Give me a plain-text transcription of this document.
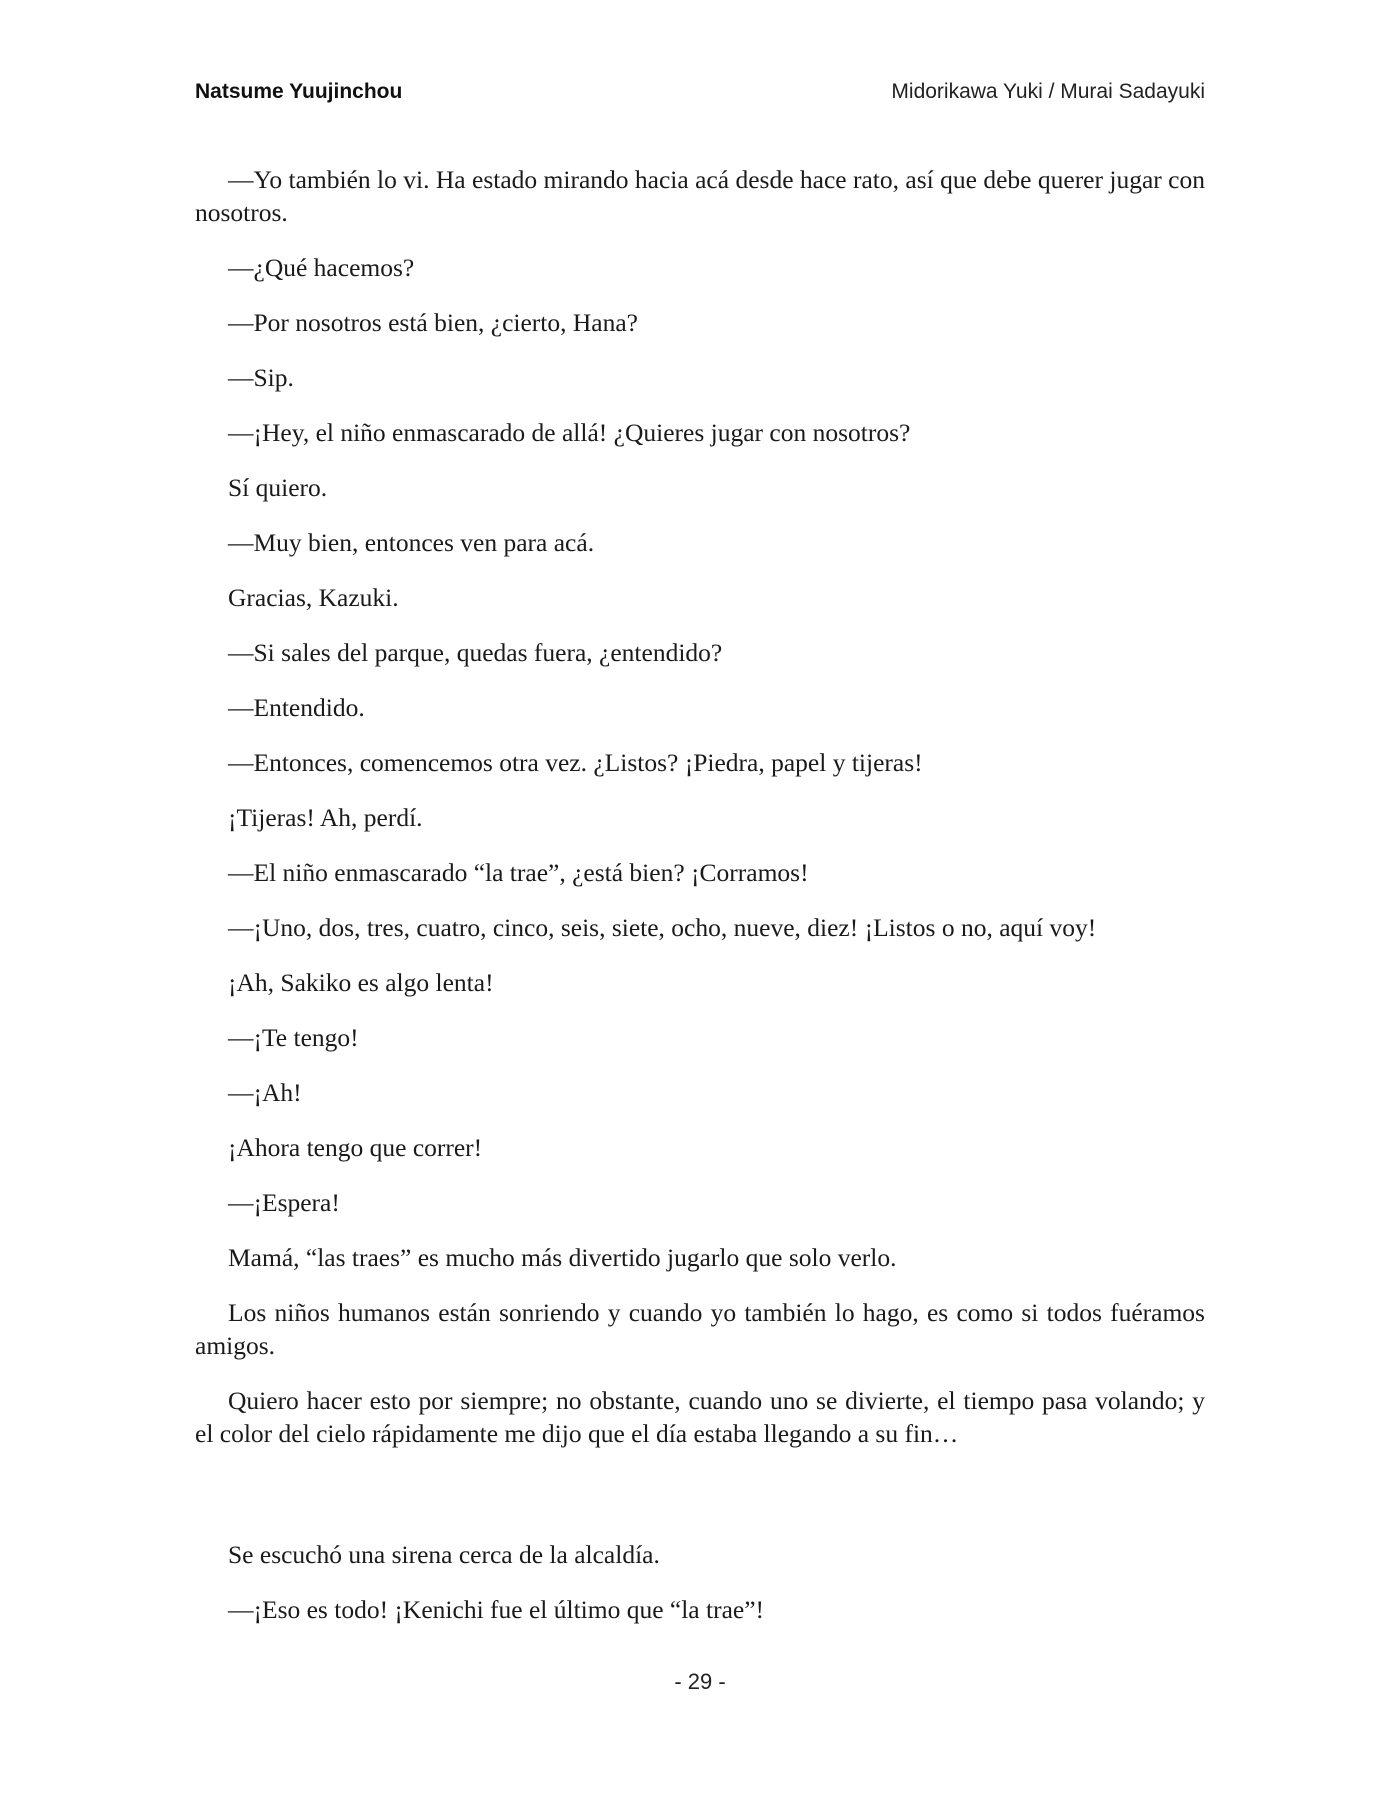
Natsume Yuujinchou	Midorikawa Yuki / Murai Sadayuki

—Yo también lo vi. Ha estado mirando hacia acá desde hace rato, así que debe querer jugar con nosotros.

—¿Qué hacemos?

—Por nosotros está bien, ¿cierto, Hana?

—Sip.

—¡Hey, el niño enmascarado de allá! ¿Quieres jugar con nosotros?

Sí quiero.

—Muy bien, entonces ven para acá.

Gracias, Kazuki.

—Si sales del parque, quedas fuera, ¿entendido?

—Entendido.

—Entonces, comencemos otra vez. ¿Listos? ¡Piedra, papel y tijeras!

¡Tijeras! Ah, perdí.

—El niño enmascarado “la trae”, ¿está bien? ¡Corramos!

—¡Uno, dos, tres, cuatro, cinco, seis, siete, ocho, nueve, diez! ¡Listos o no, aquí voy!

¡Ah, Sakiko es algo lenta!

—¡Te tengo!

—¡Ah!

¡Ahora tengo que correr!

—¡Espera!

Mamá, “las traes” es mucho más divertido jugarlo que solo verlo.

Los niños humanos están sonriendo y cuando yo también lo hago, es como si todos fuéramos amigos.

Quiero hacer esto por siempre; no obstante, cuando uno se divierte, el tiempo pasa volando; y el color del cielo rápidamente me dijo que el día estaba llegando a su fin…

Se escuchó una sirena cerca de la alcaldía.

—¡Eso es todo! ¡Kenichi fue el último que “la trae”!

- 29 -
